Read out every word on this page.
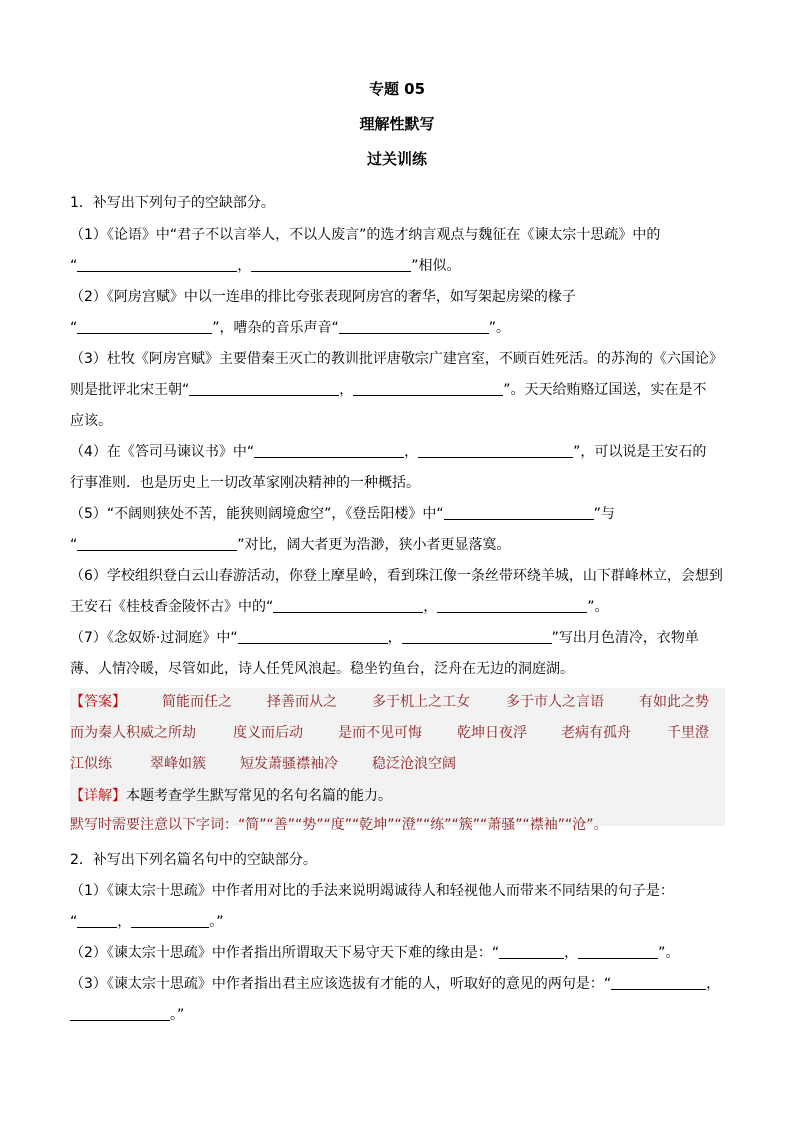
专题 05
理解性默写
过关训练
1．补写出下列句子的空缺部分。
（1）《论语》中“君子不以言举人，不以人废言”的选才纳言观点与魏征在《谏太宗十思疏》中的
“	，	”相似。
（2）《阿房宫赋》中以一连串的排比夸张表现阿房宫的奢华，如写架起房梁的椽子
“	”，嘈杂的音乐声音“	”。
（3）杜牧《阿房宫赋》主要借秦王灭亡的教训批评唐敬宗广建宫室，不顾百姓死活。的苏洵的《六国论》
则是批评北宋王朝“	，	”。天天给贿赂辽国送，实在是不
应该。
（4）在《答司马谏议书》中“	，	”，可以说是王安石的
行事准则．也是历史上一切改革家刚决精神的一种概括。
（5）“不阔则狭处不苦，能狭则阔境愈空”，《登岳阳楼》中“	”与
“	”对比，阔大者更为浩渺，狭小者更显落寞。
（6）学校组织登白云山春游活动，你登上摩星岭，看到珠江像一条丝带环绕羊城，山下群峰林立，会想到
王安石《桂枝香金陵怀古》中的“	，	”。
（7）《念奴娇·过洞庭》中“	，	”写出月色清冷，衣物单
薄、人情冷暖，尽管如此，诗人任凭风浪起。稳坐钓鱼台，泛舟在无边的洞庭湖。
【答案】	简能而任之	择善而从之	多于机上之工女	多于市人之言语	有如此之势
而为秦人积威之所劫	度义而后动	是而不见可悔	乾坤日夜浮 老病有孤舟	千里澄
江似练	翠峰如簇 短发萧骚襟袖冷 稳泛沧浪空阔
【详解】本题考查学生默写常见的名句名篇的能力。
默写时需要注意以下字词：“简”“善”“势”“度”“乾坤”“澄”“练”“簇”“萧骚”“襟袖”“沧”。
2．补写出下列名篇名句中的空缺部分。
（1）《谏太宗十思疏》中作者用对比的手法来说明竭诚待人和轻视他人而带来不同结果的句子是：
“	，	。”
（2）《谏太宗十思疏》中作者指出所谓取天下易守天下难的缘由是：“	，	”。
（3）《谏太宗十思疏》中作者指出君主应该选拔有才能的人，听取好的意见的两句是：“	，
。”
